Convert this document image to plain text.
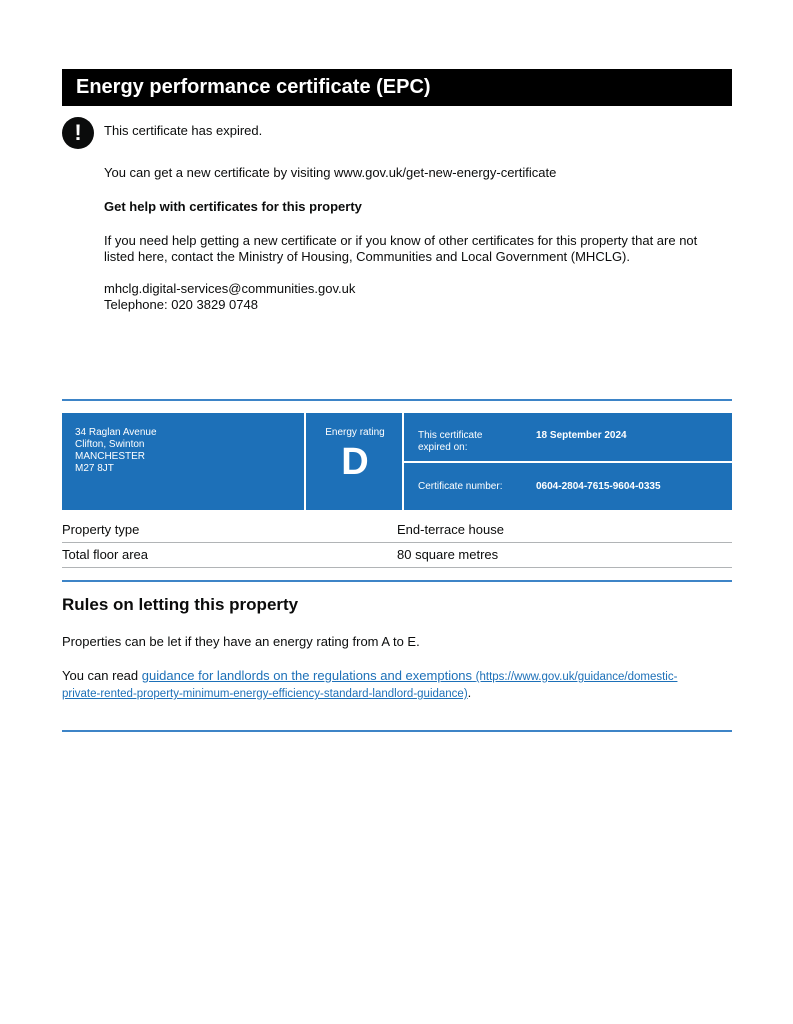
Energy performance certificate (EPC)
!	This certificate has expired.

You can get a new certificate by visiting www.gov.uk/get-new-energy-certificate

Get help with certificates for this property

If you need help getting a new certificate or if you know of other certificates for this property that are not listed here, contact the Ministry of Housing, Communities and Local Government (MHCLG).

mhclg.digital-services@communities.gov.uk

Telephone: 020 3829 0748

34 Raglan Avenue
Clifton, Swinton
MANCHESTER
M27 8JT
Energy rating
D
This certificate expired on:
18 September 2024
Certificate number:	0604-2804-7615-9604-0335
Property type	End-terrace house
Total floor area	80 square metres
Rules on letting this property
Properties can be let if they have an energy rating from A to E.
You can read guidance for landlords on the regulations and exemptions (https://www.gov.uk/guidance/domestic-private-rented-property-minimum-energy-efficiency-standard-landlord-guidance).
